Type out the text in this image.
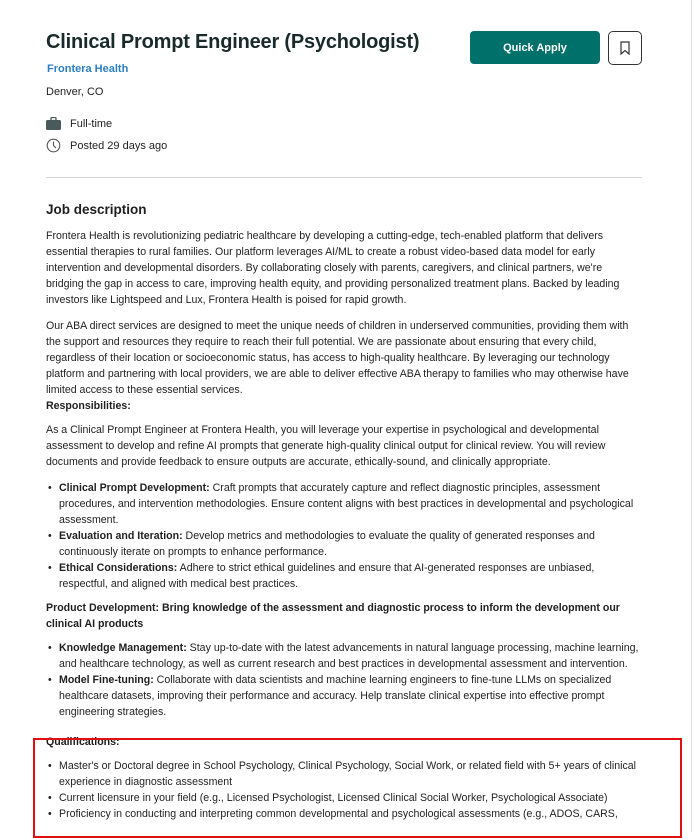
Clinical Prompt Engineer (Psychologist)
Frontera Health
Denver, CO
Full-time
Posted 29 days ago
Quick Apply
Job description

Frontera Health is revolutionizing pediatric healthcare by developing a cutting-edge, tech-enabled platform that delivers essential therapies to rural families. Our platform leverages AI/ML to create a robust video-based data model for early intervention and developmental disorders. By collaborating closely with parents, caregivers, and clinical partners, we're bridging the gap in access to care, improving health equity, and providing personalized treatment plans. Backed by leading investors like Lightspeed and Lux, Frontera Health is poised for rapid growth.

Our ABA direct services are designed to meet the unique needs of children in underserved communities, providing them with the support and resources they require to reach their full potential. We are passionate about ensuring that every child, regardless of their location or socioeconomic status, has access to high-quality healthcare. By leveraging our technology platform and partnering with local providers, we are able to deliver effective ABA therapy to families who may otherwise have limited access to these essential services.

Responsibilities:

As a Clinical Prompt Engineer at Frontera Health, you will leverage your expertise in psychological and developmental assessment to develop and refine AI prompts that generate high-quality clinical output for clinical review. You will review documents and provide feedback to ensure outputs are accurate, ethically-sound, and clinically appropriate.

• Clinical Prompt Development: Craft prompts that accurately capture and reflect diagnostic principles, assessment procedures, and intervention methodologies. Ensure content aligns with best practices in developmental and psychological assessment.
• Evaluation and Iteration: Develop metrics and methodologies to evaluate the quality of generated responses and continuously iterate on prompts to enhance performance.
• Ethical Considerations: Adhere to strict ethical guidelines and ensure that AI-generated responses are unbiased, respectful, and aligned with medical best practices.

Product Development: Bring knowledge of the assessment and diagnostic process to inform the development our clinical AI products

• Knowledge Management: Stay up-to-date with the latest advancements in natural language processing, machine learning, and healthcare technology, as well as current research and best practices in developmental assessment and intervention.
• Model Fine-tuning: Collaborate with data scientists and machine learning engineers to fine-tune LLMs on specialized healthcare datasets, improving their performance and accuracy. Help translate clinical expertise into effective prompt engineering strategies.

Qualifications:

• Master's or Doctoral degree in School Psychology, Clinical Psychology, Social Work, or related field with 5+ years of clinical experience in diagnostic assessment
• Current licensure in your field (e.g., Licensed Psychologist, Licensed Clinical Social Worker, Psychological Associate)
• Proficiency in conducting and interpreting common developmental and psychological assessments (e.g., ADOS, CARS,
